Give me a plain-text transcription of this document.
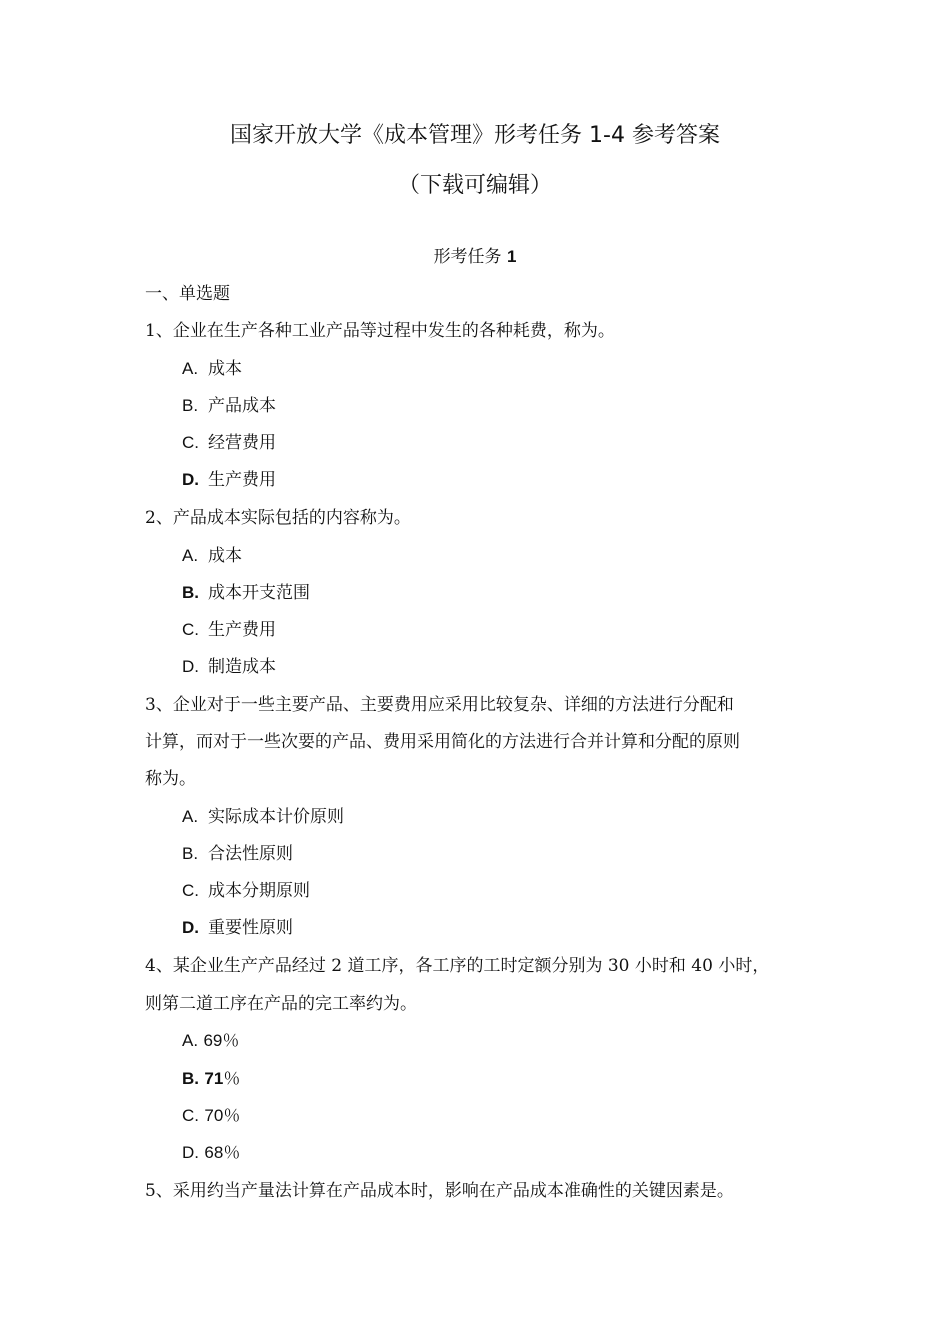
国家开放大学《成本管理》形考任务 1-4 参考答案
（下载可编辑）
形考任务 1
一、单选题
1、企业在生产各种工业产品等过程中发生的各种耗费，称为。
A. 成本
B. 产品成本
C. 经营费用
D. 生产费用
2、产品成本实际包括的内容称为。
A. 成本
B. 成本开支范围
C. 生产费用
D. 制造成本
3、企业对于一些主要产品、主要费用应采用比较复杂、详细的方法进行分配和
计算，而对于一些次要的产品、费用采用简化的方法进行合并计算和分配的原则
称为。
A. 实际成本计价原则
B. 合法性原则
C. 成本分期原则
D. 重要性原则
4、某企业生产产品经过 2 道工序，各工序的工时定额分别为 30 小时和 40 小时，
则第二道工序在产品的完工率约为。
A. 69％
B. 71％
C. 70％
D. 68％
5、采用约当产量法计算在产品成本时，影响在产品成本准确性的关键因素是。
